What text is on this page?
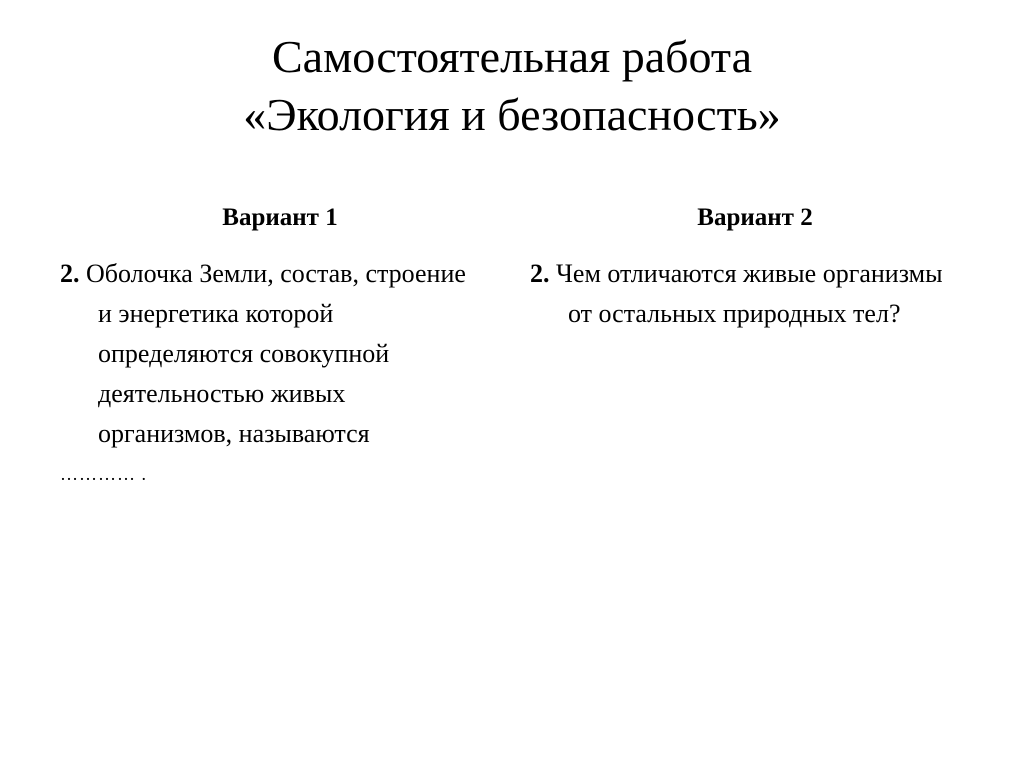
Самостоятельная работа
«Экология и безопасность»
Вариант 1

2. Оболочка Земли, состав, строение и энергетика которой определяются совокупной деятельностью живых организмов, называются
………… .

Вариант 2

2. Чем отличаются живые организмы от остальных природных тел?
